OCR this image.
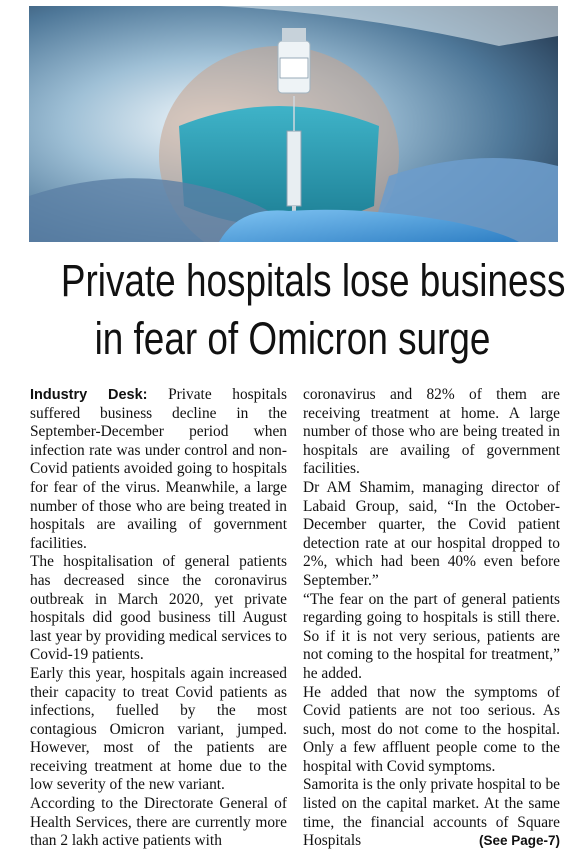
Private hospitals lose business
in fear of Omicron surge

Industry Desk: Private hospitals suffered business decline in the September-December period when infection rate was under control and non-Covid patients avoided going to hospitals for fear of the virus. Meanwhile, a large number of those who are being treated in hospitals are availing of government facilities.

The hospitalisation of general patients has decreased since the coronavirus outbreak in March 2020, yet private hospitals did good business till August last year by providing medical services to Covid-19 patients.

Early this year, hospitals again increased their capacity to treat Covid patients as infections, fuelled by the most contagious Omicron variant, jumped. However, most of the patients are receiving treatment at home due to the low severity of the new variant.

According to the Directorate General of Health Services, there are currently more than 2 lakh active patients with

coronavirus and 82% of them are receiving treatment at home. A large number of those who are being treated in hospitals are availing of government facilities.

Dr AM Shamim, managing director of Labaid Group, said, “In the October-December quarter, the Covid patient detection rate at our hospital dropped to 2%, which had been 40% even before September.”

“The fear on the part of general patients regarding going to hospitals is still there. So if it is not very serious, patients are not coming to the hospital for treatment,” he added.

He added that now the symptoms of Covid patients are not too serious. As such, most do not come to the hospital. Only a few affluent people come to the hospital with Covid symptoms.

Samorita is the only private hospital to be listed on the capital market. At the same time, the financial accounts of Square Hospitals	(See Page-7)
